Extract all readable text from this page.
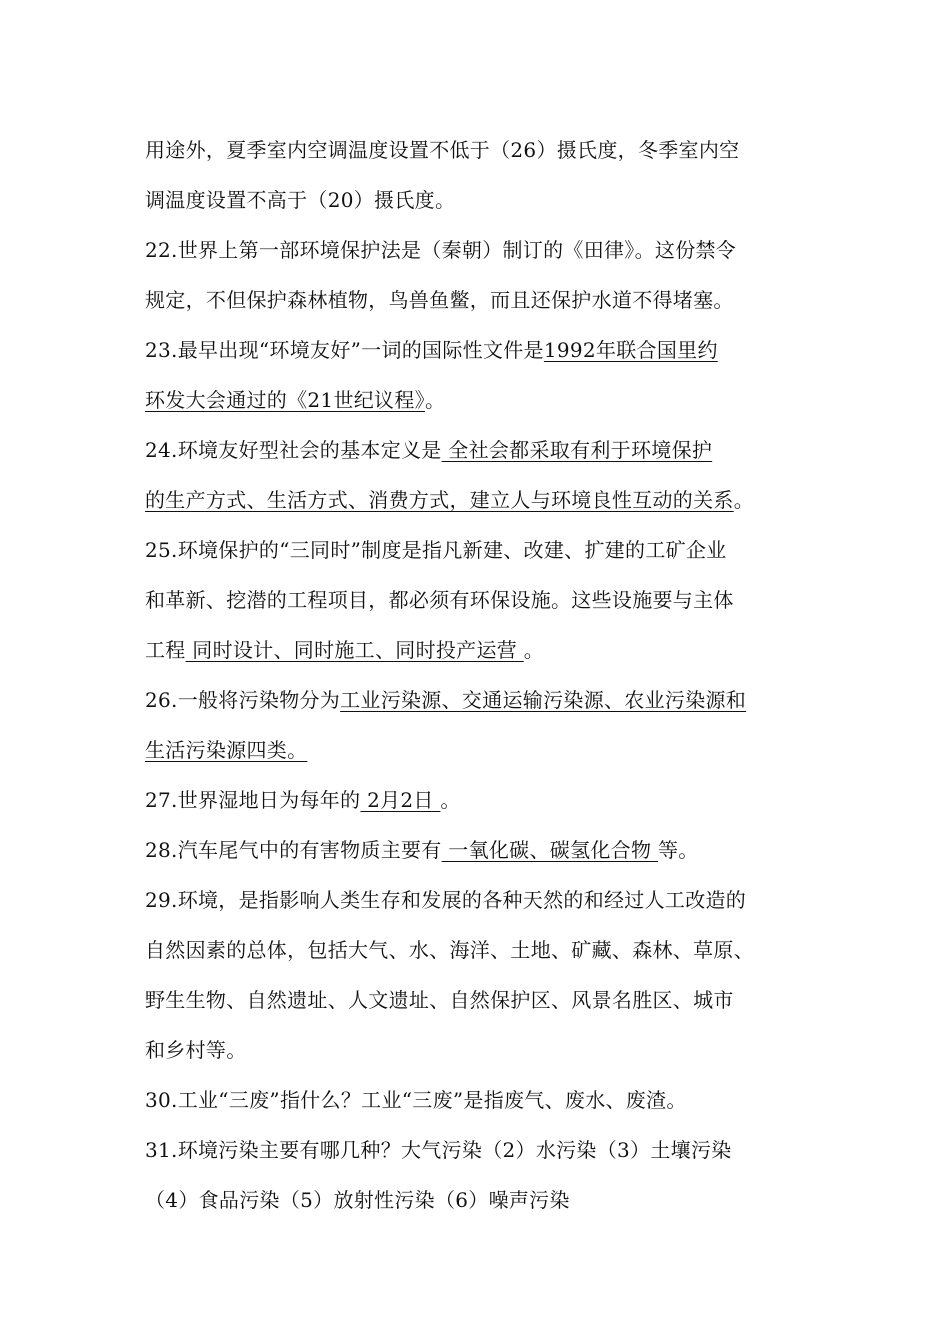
用途外，夏季室内空调温度设置不低于（26）摄氏度，冬季室内空
调温度设置不高于（20）摄氏度。
22.世界上第一部环境保护法是（秦朝）制订的《田律》。这份禁令
规定，不但保护森林植物，鸟兽鱼鳖，而且还保护水道不得堵塞。
23.最早出现“环境友好”一词的国际性文件是1992年联合国里约
环发大会通过的《21世纪议程》。
24.环境友好型社会的基本定义是 全社会都采取有利于环境保护
的生产方式、生活方式、消费方式，建立人与环境良性互动的关系。
25.环境保护的“三同时”制度是指凡新建、改建、扩建的工矿企业
和革新、挖潜的工程项目，都必须有环保设施。这些设施要与主体
工程 同时设计、同时施工、同时投产运营 。
26.一般将污染物分为工业污染源、交通运输污染源、农业污染源和
生活污染源四类。
27.世界湿地日为每年的 2月2日 。
28.汽车尾气中的有害物质主要有 一氧化碳、碳氢化合物 等。
29.环境，是指影响人类生存和发展的各种天然的和经过人工改造的
自然因素的总体，包括大气、水、海洋、土地、矿藏、森林、草原、
野生生物、自然遗址、人文遗址、自然保护区、风景名胜区、城市
和乡村等。
30.工业“三废”指什么？工业“三废”是指废气、废水、废渣。
31.环境污染主要有哪几种？大气污染（2）水污染（3）土壤污染
（4）食品污染（5）放射性污染（6）噪声污染
